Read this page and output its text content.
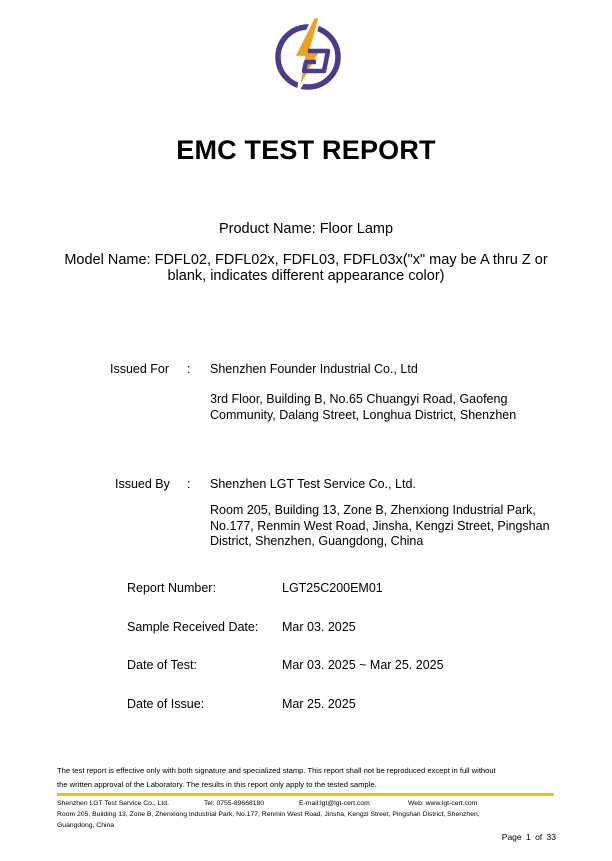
EMC TEST REPORT
Product Name: Floor Lamp
Model Name: FDFL02, FDFL02x, FDFL03, FDFL03x("x" may be A thru Z or
blank, indicates different appearance color)
Issued For : Shenzhen Founder Industrial Co., Ltd
3rd Floor, Building B, No.65 Chuangyi Road, Gaofeng
Community, Dalang Street, Longhua District, Shenzhen
Issued By : Shenzhen LGT Test Service Co., Ltd.
Room 205, Building 13, Zone B, Zhenxiong Industrial Park,
No.177, Renmin West Road, Jinsha, Kengzi Street, Pingshan
District, Shenzhen, Guangdong, China
Report Number:	LGT25C200EM01
Sample Received Date: Mar 03. 2025
Date of Test:	Mar 03. 2025 ~ Mar 25. 2025
Date of Issue:	Mar 25. 2025
The test report is effective only with both signature and specialized stamp. This report shall not be reproduced except in full without
the written approval of the Laboratory. The results in this report only apply to the tested sample.
Shenzhen LGT Test Service Co., Ltd.	Tel: 0755-89668180	E-mail:lgt@lgt-cert.com	Web: www.lgt-cert.com
Room 205, Building 13, Zone B, Zhenxiong Industrial Park, No.177, Renmin West Road, Jinsha, Kengzi Street, Pingshan District, Shenzhen,
Guangdong, China
Page 1 of 33
